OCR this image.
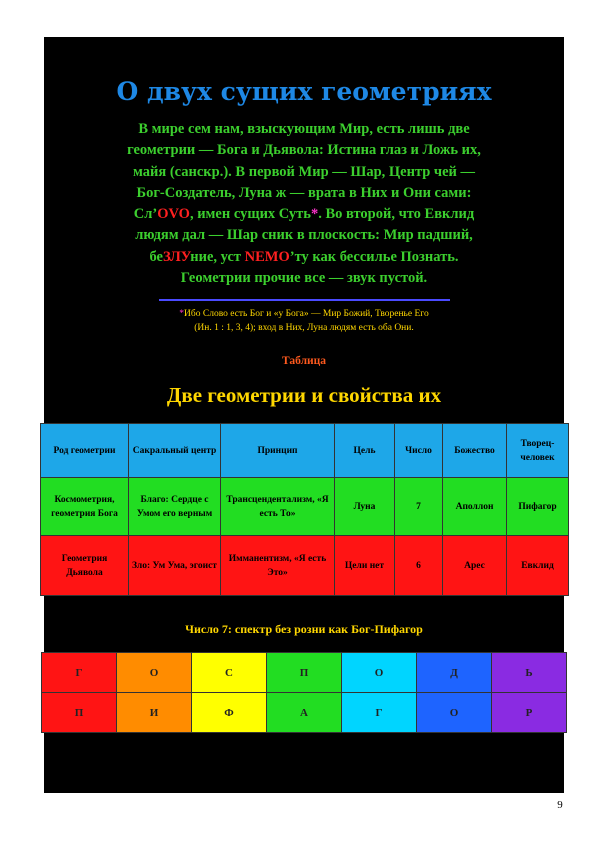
О двух сущих геометриях
В мире сем нам, взыскующим Мир, есть лишь две
геометрии — Бога и Дьявола: Истина глаз и Ложь их,
майя (санскр.). В первой Мир — Шар, Центр чей —
Бог-Создатель, Луна ж — врата в Них и Они сами:
Сл’OVO, имен сущих Суть*. Во второй, что Евклид
людям дал — Шар сник в плоскость: Мир падший,
беЗЛУние, уст NEMO’ту как бессилье Познать.
Геометрии прочие все — звук пустой.
*Ибо Слово есть Бог и «у Бога» — Мир Божий, Творенье Его
(Ин. 1 : 1, 3, 4); вход в Них, Луна людям есть оба Они.
Таблица
Две геометрии и свойства их
Род геометрии	Сакральный центр	Принцип	Цель	Число	Божество	Творец-человек
Космометрия, геометрия Бога	Благо: Сердце с Умом его верным	Трансцендентализм, «Я есть То»	Луна	7	Аполлон	Пифагор
Геометрия Дьявола	Зло: Ум Ума, эгоист	Имманентизм, «Я есть Это»	Цели нет	6	Арес	Евклид
Число 7: спектр без розни как Бог-Пифагор
Г	О	С	П	О	Д	Ь
П	И	Ф	А	Г	О	Р
9
